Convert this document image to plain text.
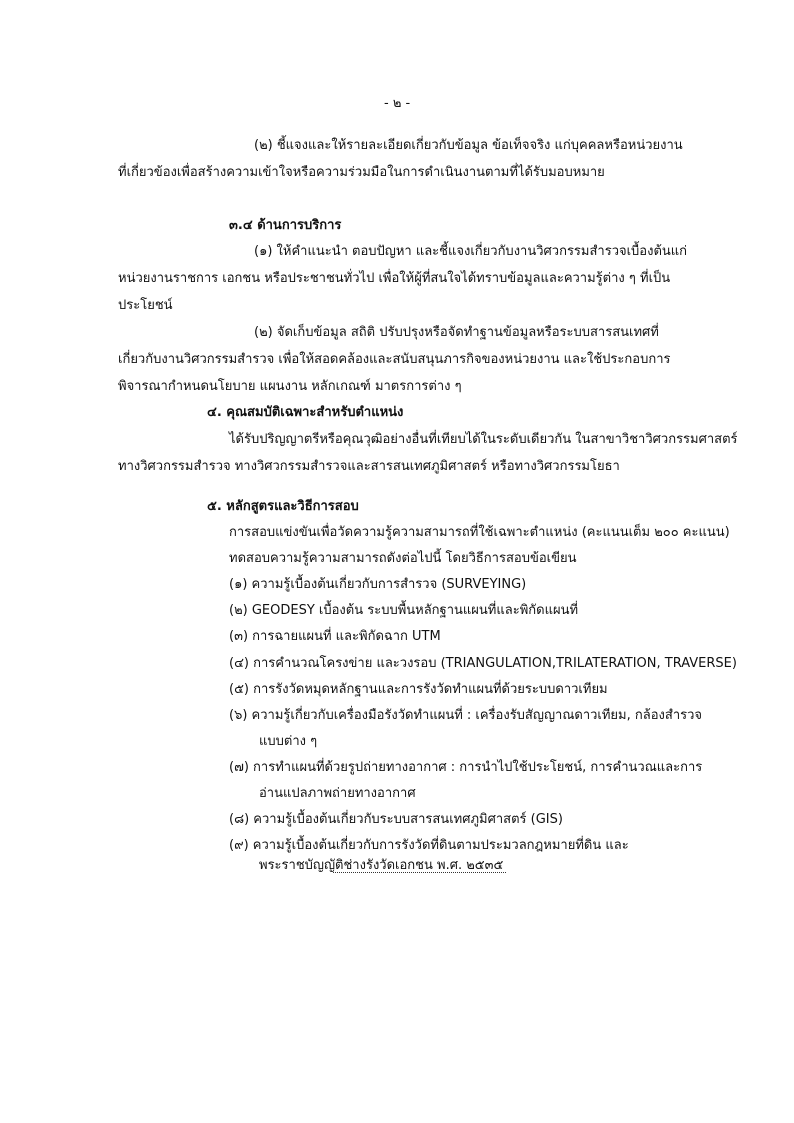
- ๒ -
(๒) ชี้แจงและให้รายละเอียดเกี่ยวกับข้อมูล ข้อเท็จจริง แก่บุคคลหรือหน่วยงาน
ที่เกี่ยวข้องเพื่อสร้างความเข้าใจหรือความร่วมมือในการดำเนินงานตามที่ได้รับมอบหมาย
๓.๔ ด้านการบริการ
(๑) ให้คำแนะนำ ตอบปัญหา และชี้แจงเกี่ยวกับงานวิศวกรรมสำรวจเบื้องต้นแก่
หน่วยงานราชการ เอกชน หรือประชาชนทั่วไป เพื่อให้ผู้ที่สนใจได้ทราบข้อมูลและความรู้ต่าง ๆ ที่เป็น
ประโยชน์
(๒) จัดเก็บข้อมูล สถิติ ปรับปรุงหรือจัดทำฐานข้อมูลหรือระบบสารสนเทศที่
เกี่ยวกับงานวิศวกรรมสำรวจ เพื่อให้สอดคล้องและสนับสนุนภารกิจของหน่วยงาน และใช้ประกอบการ
พิจารณากำหนดนโยบาย แผนงาน หลักเกณฑ์ มาตรการต่าง ๆ
๔. คุณสมบัติเฉพาะสำหรับตำแหน่ง
ได้รับปริญญาตรีหรือคุณวุฒิอย่างอื่นที่เทียบได้ในระดับเดียวกัน ในสาขาวิชาวิศวกรรมศาสตร์
ทางวิศวกรรมสำรวจ ทางวิศวกรรมสำรวจและสารสนเทศภูมิศาสตร์ หรือทางวิศวกรรมโยธา
๕. หลักสูตรและวิธีการสอบ
การสอบแข่งขันเพื่อวัดความรู้ความสามารถที่ใช้เฉพาะตำแหน่ง (คะแนนเต็ม ๒๐๐ คะแนน)
ทดสอบความรู้ความสามารถดังต่อไปนี้ โดยวิธีการสอบข้อเขียน
(๑) ความรู้เบื้องต้นเกี่ยวกับการสำรวจ (SURVEYING)
(๒) GEODESY เบื้องต้น ระบบพื้นหลักฐานแผนที่และพิกัดแผนที่
(๓) การฉายแผนที่ และพิกัดฉาก UTM
(๔) การคำนวณโครงข่าย และวงรอบ (TRIANGULATION,TRILATERATION, TRAVERSE)
(๕) การรังวัดหมุดหลักฐานและการรังวัดทำแผนที่ด้วยระบบดาวเทียม
(๖) ความรู้เกี่ยวกับเครื่องมือรังวัดทำแผนที่ : เครื่องรับสัญญาณดาวเทียม, กล้องสำรวจ
แบบต่าง ๆ
(๗) การทำแผนที่ด้วยรูปถ่ายทางอากาศ : การนำไปใช้ประโยชน์, การคำนวณและการ
อ่านแปลภาพถ่ายทางอากาศ
(๘) ความรู้เบื้องต้นเกี่ยวกับระบบสารสนเทศภูมิศาสตร์ (GIS)
(๙) ความรู้เบื้องต้นเกี่ยวกับการรังวัดที่ดินตามประมวลกฎหมายที่ดิน และ
พระราชบัญญัติช่างรังวัดเอกชน พ.ศ. ๒๕๓๕
